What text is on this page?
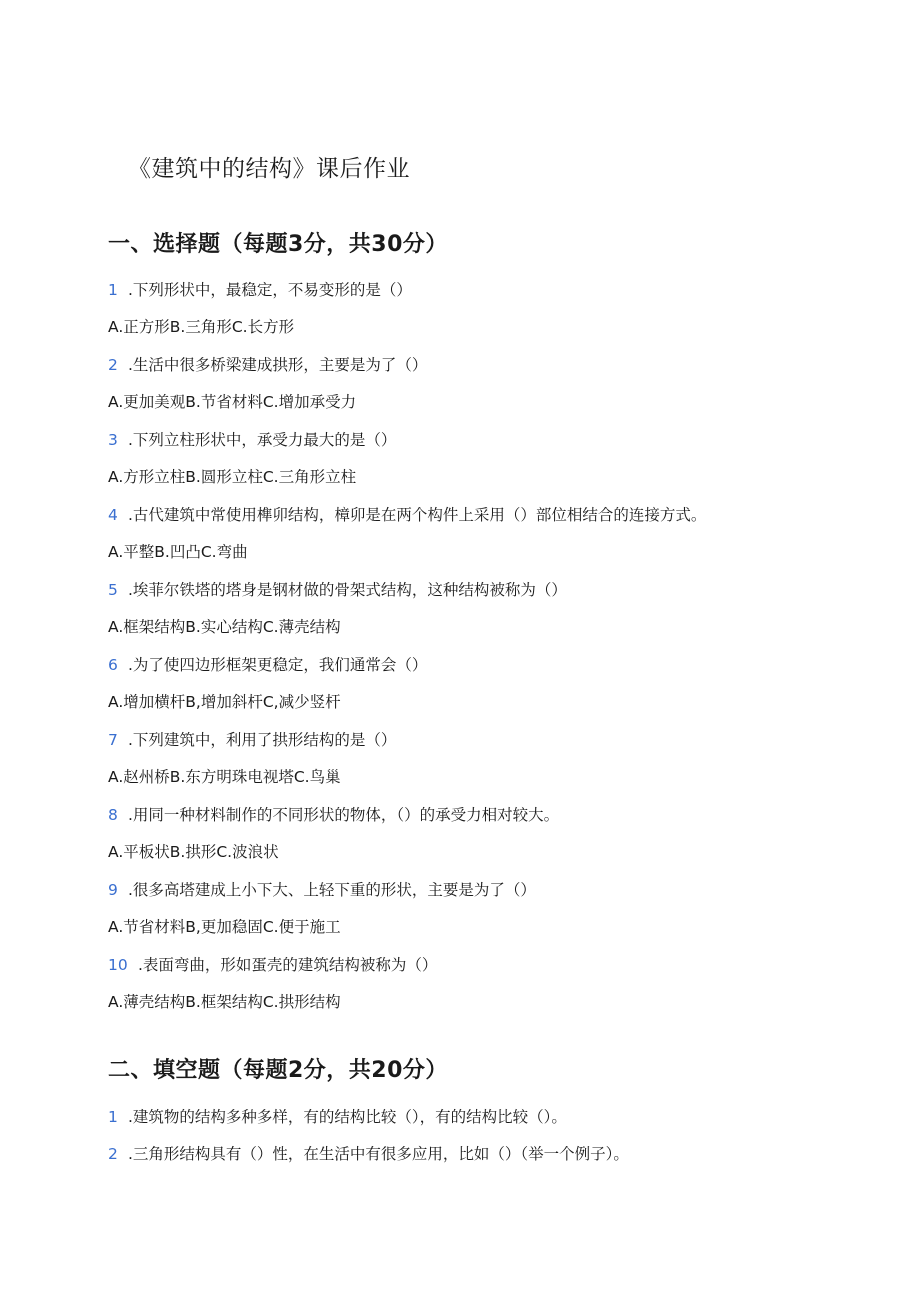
《建筑中的结构》课后作业
一、选择题（每题3分，共30分）
1 .下列形状中，最稳定，不易变形的是（）
A.正方形B.三角形C.长方形
2 .生活中很多桥梁建成拱形，主要是为了（）
A.更加美观B.节省材料C.增加承受力
3 .下列立柱形状中，承受力最大的是（）
A.方形立柱B.圆形立柱C.三角形立柱
4 .古代建筑中常使用榫卯结构，樟卯是在两个构件上采用（）部位相结合的连接方式。
A.平整B.凹凸C.弯曲
5 .埃菲尔铁塔的塔身是钢材做的骨架式结构，这种结构被称为（）
A.框架结构B.实心结构C.薄壳结构
6 .为了使四边形框架更稳定，我们通常会（）
A.增加横杆B,增加斜杆C,减少竖杆
7 .下列建筑中，利用了拱形结构的是（）
A.赵州桥B.东方明珠电视塔C.鸟巢
8 .用同一种材料制作的不同形状的物体，（）的承受力相对较大。
A.平板状B.拱形C.波浪状
9 .很多高塔建成上小下大、上轻下重的形状，主要是为了（）
A.节省材料B,更加稳固C.便于施工
10 .表面弯曲，形如蛋壳的建筑结构被称为（）
A.薄壳结构B.框架结构C.拱形结构
二、填空题（每题2分，共20分）
1 .建筑物的结构多种多样，有的结构比较（），有的结构比较（）。
2 .三角形结构具有（）性，在生活中有很多应用，比如（）（举一个例子）。
